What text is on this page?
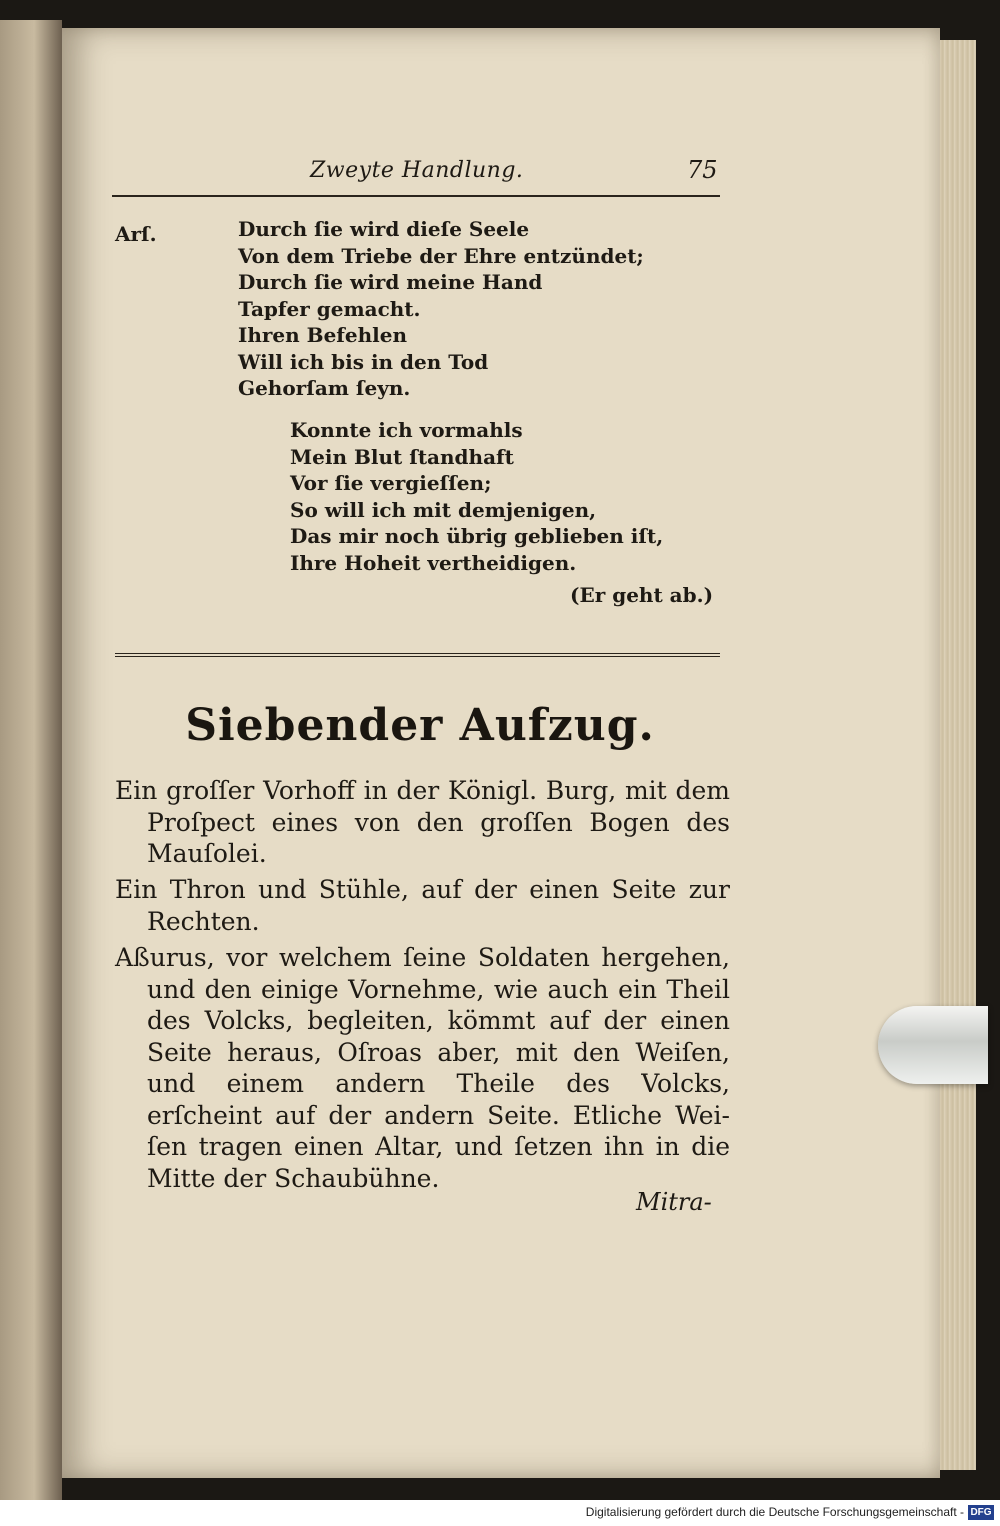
Zweyte Handlung.	75
Arſ.	Durch ſie wird dieſe Seele
Von dem Triebe der Ehre entzündet;
Durch ſie wird meine Hand
Tapfer gemacht.
Ihren Befehlen
Will ich bis in den Tod
Gehorſam ſeyn.
Konnte ich vormahls
Mein Blut ſtandhaft
Vor ſie vergieſſen;
So will ich mit demjenigen,
Das mir noch übrig geblieben iſt,
Ihre Hoheit vertheidigen.
(Er geht ab.)
Siebender Aufzug.

Ein groſſer Vorhoff in der Königl. Burg, mit dem Proſpect eines von den groſſen Bogen des Mauſolei.

Ein Thron und Stühle, auf der einen Seite zur Rechten.

Aßurus, vor welchem ſeine Soldaten hergehen, und den einige Vornehme, wie auch ein Theil des Volcks, begleiten, kömmt auf der einen Seite heraus, Oſroas aber, mit den Weiſen, und einem andern Theile des Volcks, erſcheint auf der andern Seite. Etliche Wei-ſen tragen einen Altar, und ſetzen ihn in die Mitte der Schaubühne.

Mitra-
Digitalisierung gefördert durch die Deutsche Forschungsgemeinschaft - DFG
